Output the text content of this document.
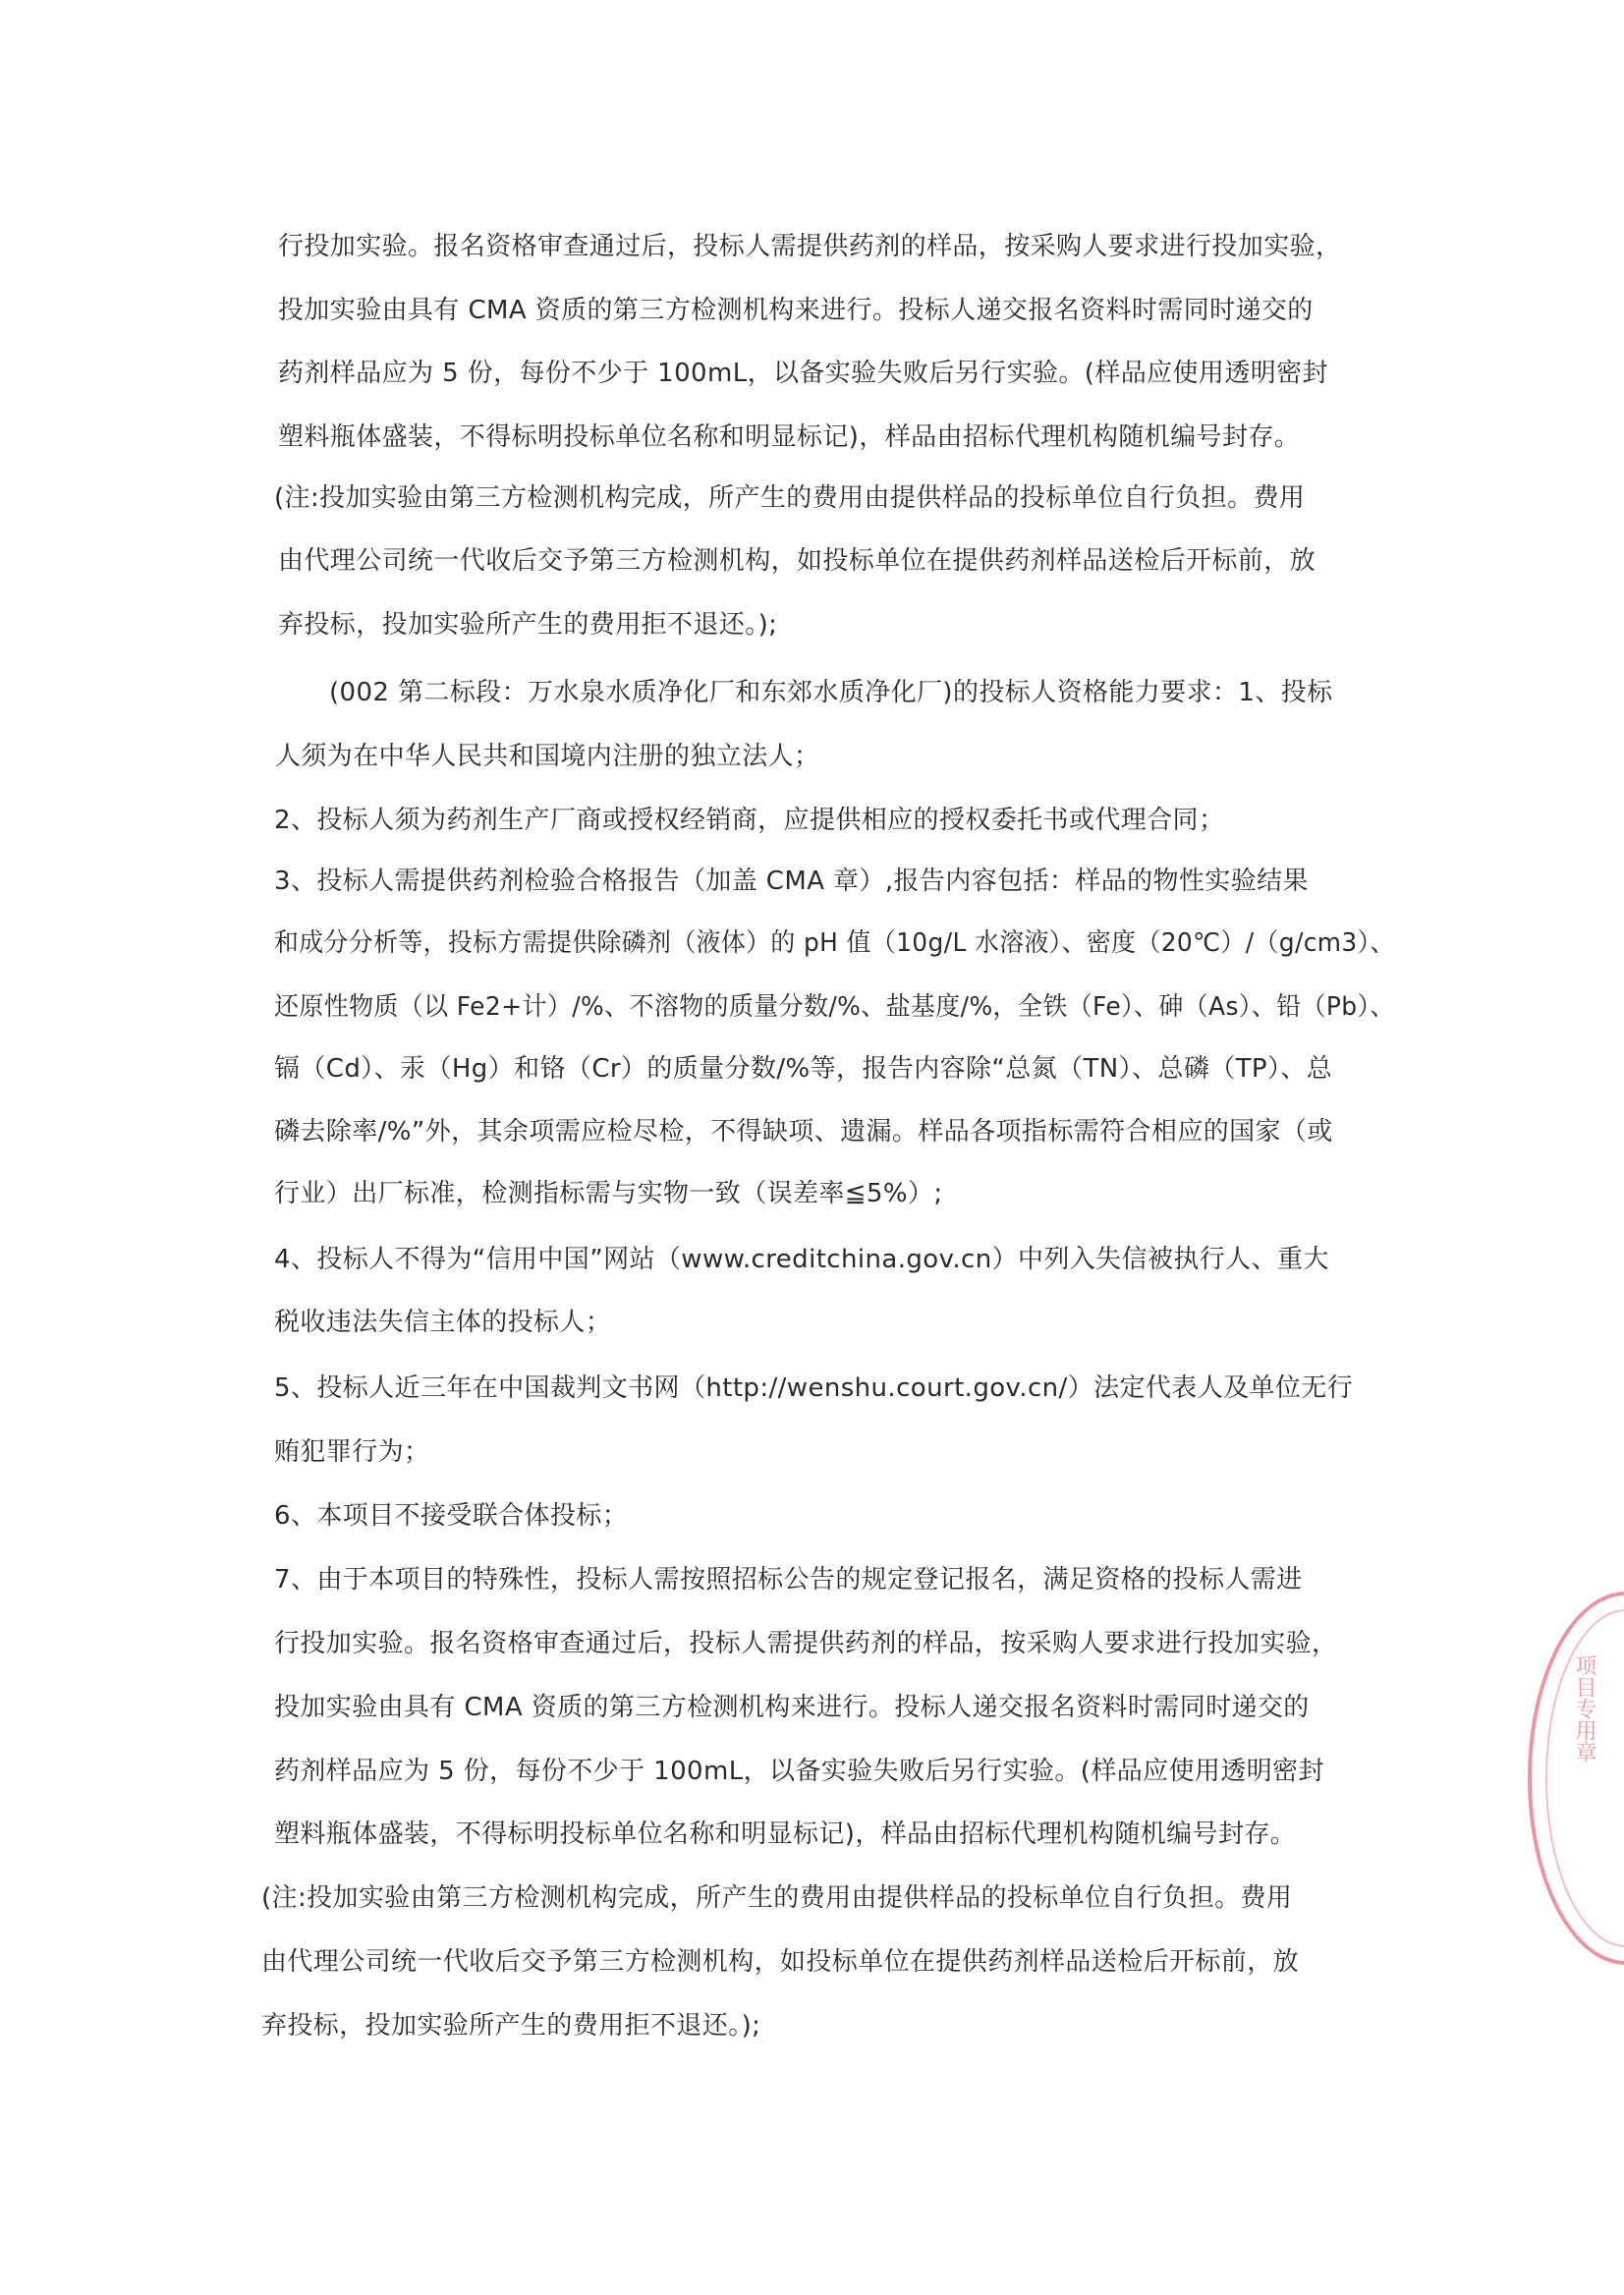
行投加实验。报名资格审查通过后，投标人需提供药剂的样品，按采购人要求进行投加实验，
投加实验由具有 CMA 资质的第三方检测机构来进行。投标人递交报名资料时需同时递交的
药剂样品应为 5 份，每份不少于 100mL，以备实验失败后另行实验。(样品应使用透明密封
塑料瓶体盛装，不得标明投标单位名称和明显标记)，样品由招标代理机构随机编号封存。
(注:投加实验由第三方检测机构完成，所产生的费用由提供样品的投标单位自行负担。费用
由代理公司统一代收后交予第三方检测机构，如投标单位在提供药剂样品送检后开标前，放
弃投标，投加实验所产生的费用拒不退还。);
(002 第二标段：万水泉水质净化厂和东郊水质净化厂)的投标人资格能力要求：1、投标
人须为在中华人民共和国境内注册的独立法人；
2、投标人须为药剂生产厂商或授权经销商，应提供相应的授权委托书或代理合同；
3、投标人需提供药剂检验合格报告（加盖 CMA 章）,报告内容包括：样品的物性实验结果
和成分分析等，投标方需提供除磷剂（液体）的 pH 值（10g/L 水溶液）、密度（20℃）/（g/cm3）、
还原性物质（以 Fe2+计）/%、不溶物的质量分数/%、盐基度/%，全铁（Fe）、砷（As）、铅（Pb）、
镉（Cd）、汞（Hg）和铬（Cr）的质量分数/%等，报告内容除“总氮（TN）、总磷（TP）、总
磷去除率/%”外，其余项需应检尽检，不得缺项、遗漏。样品各项指标需符合相应的国家（或
行业）出厂标准，检测指标需与实物一致（误差率≦5%）;
4、投标人不得为“信用中国”网站（www.creditchina.gov.cn）中列入失信被执行人、重大
税收违法失信主体的投标人；
5、投标人近三年在中国裁判文书网（http://wenshu.court.gov.cn/）法定代表人及单位无行
贿犯罪行为；
6、本项目不接受联合体投标；
7、由于本项目的特殊性，投标人需按照招标公告的规定登记报名，满足资格的投标人需进
行投加实验。报名资格审查通过后，投标人需提供药剂的样品，按采购人要求进行投加实验，
投加实验由具有 CMA 资质的第三方检测机构来进行。投标人递交报名资料时需同时递交的
药剂样品应为 5 份，每份不少于 100mL，以备实验失败后另行实验。(样品应使用透明密封
塑料瓶体盛装，不得标明投标单位名称和明显标记)，样品由招标代理机构随机编号封存。
(注:投加实验由第三方检测机构完成，所产生的费用由提供样品的投标单位自行负担。费用
由代理公司统一代收后交予第三方检测机构，如投标单位在提供药剂样品送检后开标前，放
弃投标，投加实验所产生的费用拒不退还。);
项目专用章
